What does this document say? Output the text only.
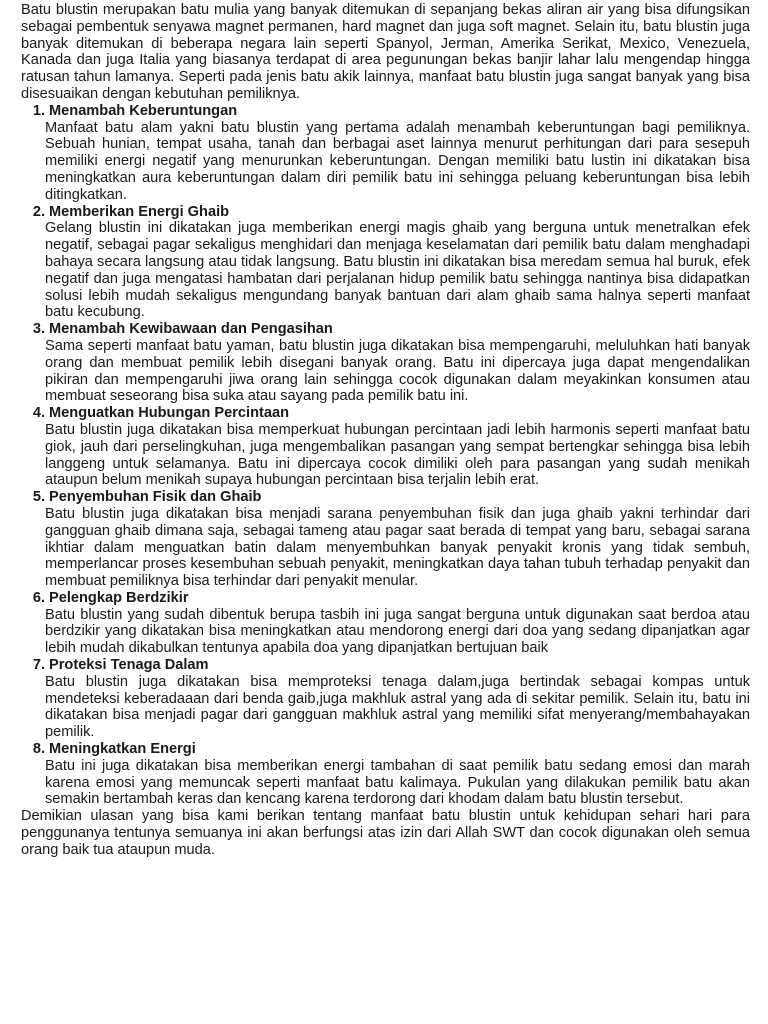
Batu blustin merupakan batu mulia yang banyak ditemukan di sepanjang bekas aliran air yang bisa difungsikan sebagai pembentuk senyawa magnet permanen, hard magnet dan juga soft magnet. Selain itu, batu blustin juga banyak ditemukan di beberapa negara lain seperti Spanyol, Jerman, Amerika Serikat, Mexico, Venezuela, Kanada dan juga Italia yang biasanya terdapat di area pegunungan bekas banjir lahar lalu mengendap hingga ratusan tahun lamanya. Seperti pada jenis batu akik lainnya, manfaat batu blustin juga sangat banyak yang bisa disesuaikan dengan kebutuhan pemiliknya.

1. Menambah Keberuntungan

Manfaat batu alam yakni batu blustin yang pertama adalah menambah keberuntungan bagi pemiliknya. Sebuah hunian, tempat usaha, tanah dan berbagai aset lainnya menurut perhitungan dari para sesepuh memiliki energi negatif yang menurunkan keberuntungan. Dengan memiliki batu lustin ini dikatakan bisa meningkatkan aura keberuntungan dalam diri pemilik batu ini sehingga peluang keberuntungan bisa lebih ditingkatkan.

2. Memberikan Energi Ghaib

Gelang blustin ini dikatakan juga memberikan energi magis ghaib yang berguna untuk menetralkan efek negatif, sebagai pagar sekaligus menghidari dan menjaga keselamatan dari pemilik batu dalam menghadapi bahaya secara langsung atau tidak langsung. Batu blustin ini dikatakan bisa meredam semua hal buruk, efek negatif dan juga mengatasi hambatan dari perjalanan hidup pemilik batu sehingga nantinya bisa didapatkan solusi lebih mudah sekaligus mengundang banyak bantuan dari alam ghaib sama halnya seperti manfaat batu kecubung.

3. Menambah Kewibawaan dan Pengasihan

Sama seperti manfaat batu yaman, batu blustin juga dikatakan bisa mempengaruhi, meluluhkan hati banyak orang dan membuat pemilik lebih disegani banyak orang. Batu ini dipercaya juga dapat mengendalikan pikiran dan mempengaruhi jiwa orang lain sehingga cocok digunakan dalam meyakinkan konsumen atau membuat seseorang bisa suka atau sayang pada pemilik batu ini.

4. Menguatkan Hubungan Percintaan

Batu blustin juga dikatakan bisa memperkuat hubungan percintaan jadi lebih harmonis seperti manfaat batu giok, jauh dari perselingkuhan, juga mengembalikan pasangan yang sempat bertengkar sehingga bisa lebih langgeng untuk selamanya. Batu ini dipercaya cocok dimiliki oleh para pasangan yang sudah menikah ataupun belum menikah supaya hubungan percintaan bisa terjalin lebih erat.

5. Penyembuhan Fisik dan Ghaib

Batu blustin juga dikatakan bisa menjadi sarana penyembuhan fisik dan juga ghaib yakni terhindar dari gangguan ghaib dimana saja, sebagai tameng atau pagar saat berada di tempat yang baru, sebagai sarana ikhtiar dalam menguatkan batin dalam menyembuhkan banyak penyakit kronis yang tidak sembuh, memperlancar proses kesembuhan sebuah penyakit, meningkatkan daya tahan tubuh terhadap penyakit dan membuat pemiliknya bisa terhindar dari penyakit menular.

6. Pelengkap Berdzikir

Batu blustin yang sudah dibentuk berupa tasbih ini juga sangat berguna untuk digunakan saat berdoa atau berdzikir yang dikatakan bisa meningkatkan atau mendorong energi dari doa yang sedang dipanjatkan agar lebih mudah dikabulkan tentunya apabila doa yang dipanjatkan bertujuan baik

7. Proteksi Tenaga Dalam

Batu blustin juga dikatakan bisa memproteksi tenaga dalam,juga bertindak sebagai kompas untuk mendeteksi keberadaaan dari benda gaib,juga makhluk astral yang ada di sekitar pemilik. Selain itu, batu ini dikatakan bisa menjadi pagar dari gangguan makhluk astral yang memiliki sifat menyerang/membahayakan pemilik.

8. Meningkatkan Energi

Batu ini juga dikatakan bisa memberikan energi tambahan di saat pemilik batu sedang emosi dan marah karena emosi yang memuncak seperti manfaat batu kalimaya. Pukulan yang dilakukan pemilik batu akan semakin bertambah keras dan kencang karena terdorong dari khodam dalam batu blustin tersebut.

Demikian ulasan yang bisa kami berikan tentang manfaat batu blustin untuk kehidupan sehari hari para penggunanya tentunya semuanya ini akan berfungsi atas izin dari Allah SWT dan cocok digunakan oleh semua orang baik tua ataupun muda.
